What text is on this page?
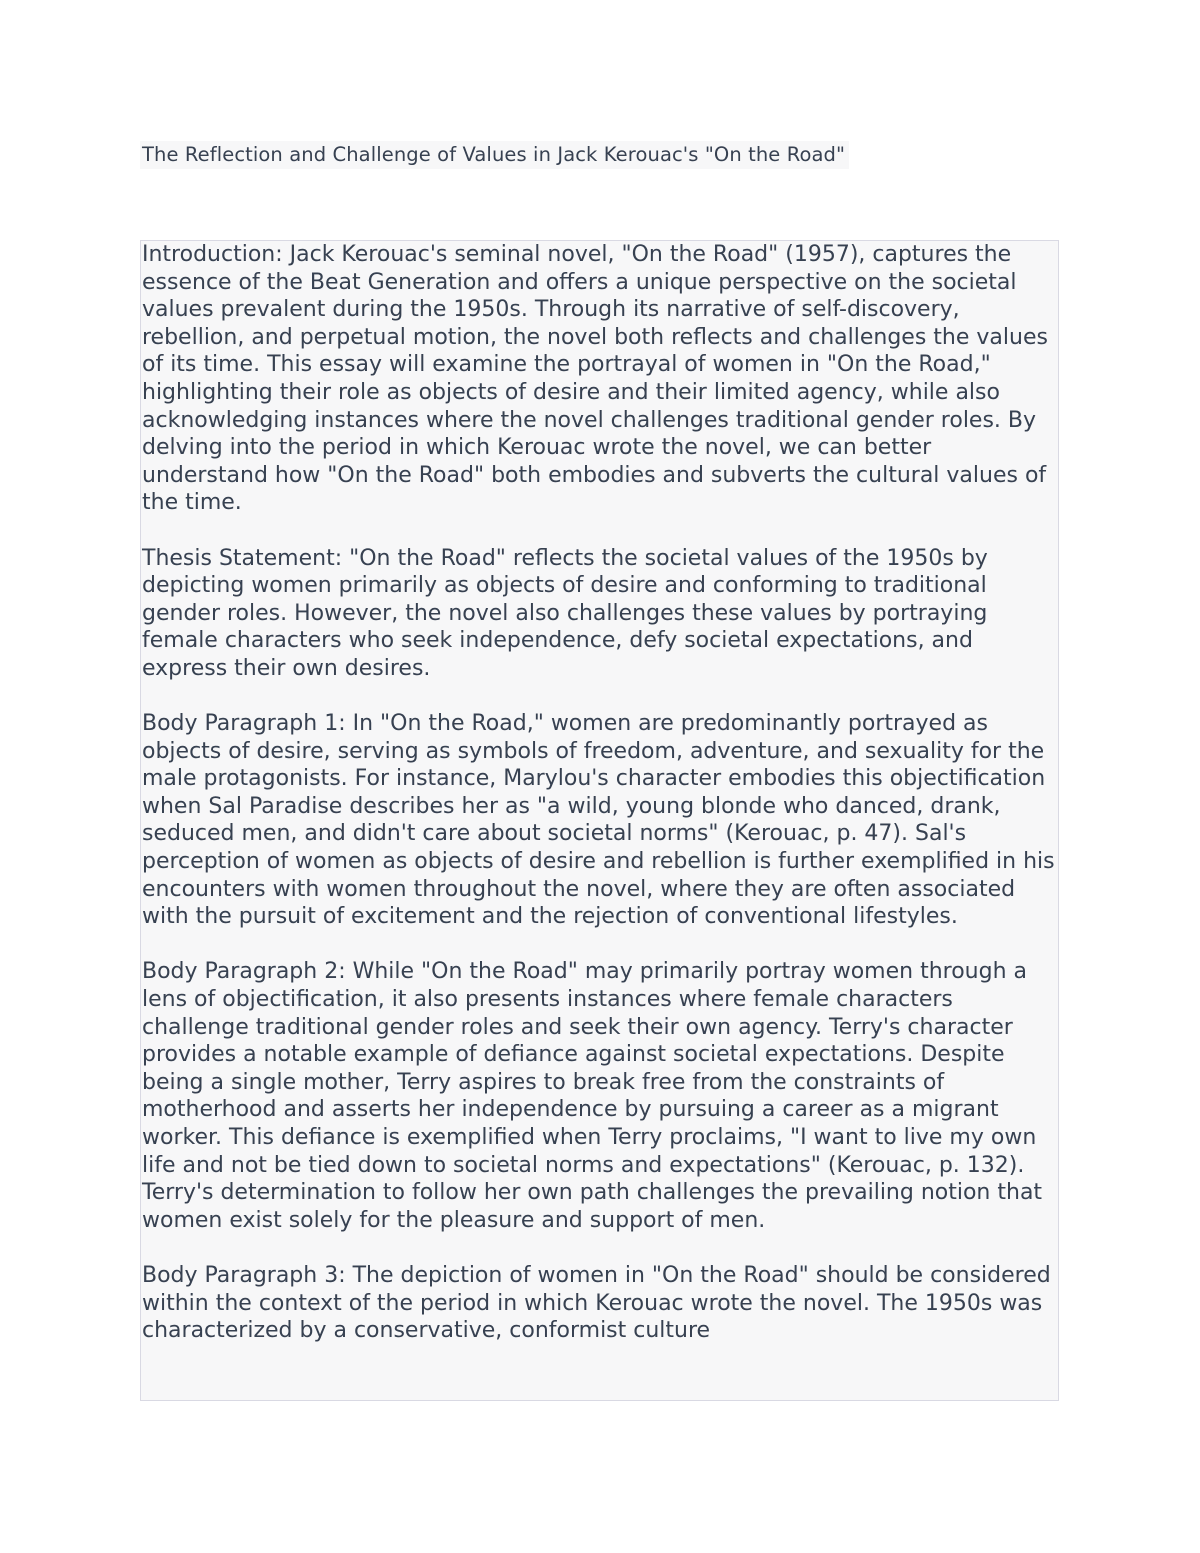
The Reflection and Challenge of Values in Jack Kerouac's "On the Road"

Introduction: Jack Kerouac's seminal novel, "On the Road" (1957), captures the essence of the Beat Generation and offers a unique perspective on the societal values prevalent during the 1950s. Through its narrative of self-discovery, rebellion, and perpetual motion, the novel both reflects and challenges the values of its time. This essay will examine the portrayal of women in "On the Road," highlighting their role as objects of desire and their limited agency, while also acknowledging instances where the novel challenges traditional gender roles. By delving into the period in which Kerouac wrote the novel, we can better understand how "On the Road" both embodies and subverts the cultural values of the time.

Thesis Statement: "On the Road" reflects the societal values of the 1950s by depicting women primarily as objects of desire and conforming to traditional gender roles. However, the novel also challenges these values by portraying female characters who seek independence, defy societal expectations, and express their own desires.

Body Paragraph 1: In "On the Road," women are predominantly portrayed as objects of desire, serving as symbols of freedom, adventure, and sexuality for the male protagonists. For instance, Marylou's character embodies this objectification when Sal Paradise describes her as "a wild, young blonde who danced, drank, seduced men, and didn't care about societal norms" (Kerouac, p. 47). Sal's perception of women as objects of desire and rebellion is further exemplified in his encounters with women throughout the novel, where they are often associated with the pursuit of excitement and the rejection of conventional lifestyles.

Body Paragraph 2: While "On the Road" may primarily portray women through a lens of objectification, it also presents instances where female characters challenge traditional gender roles and seek their own agency. Terry's character provides a notable example of defiance against societal expectations. Despite being a single mother, Terry aspires to break free from the constraints of motherhood and asserts her independence by pursuing a career as a migrant worker. This defiance is exemplified when Terry proclaims, "I want to live my own life and not be tied down to societal norms and expectations" (Kerouac, p. 132). Terry's determination to follow her own path challenges the prevailing notion that women exist solely for the pleasure and support of men.

Body Paragraph 3: The depiction of women in "On the Road" should be considered within the context of the period in which Kerouac wrote the novel. The 1950s was characterized by a conservative, conformist culture
